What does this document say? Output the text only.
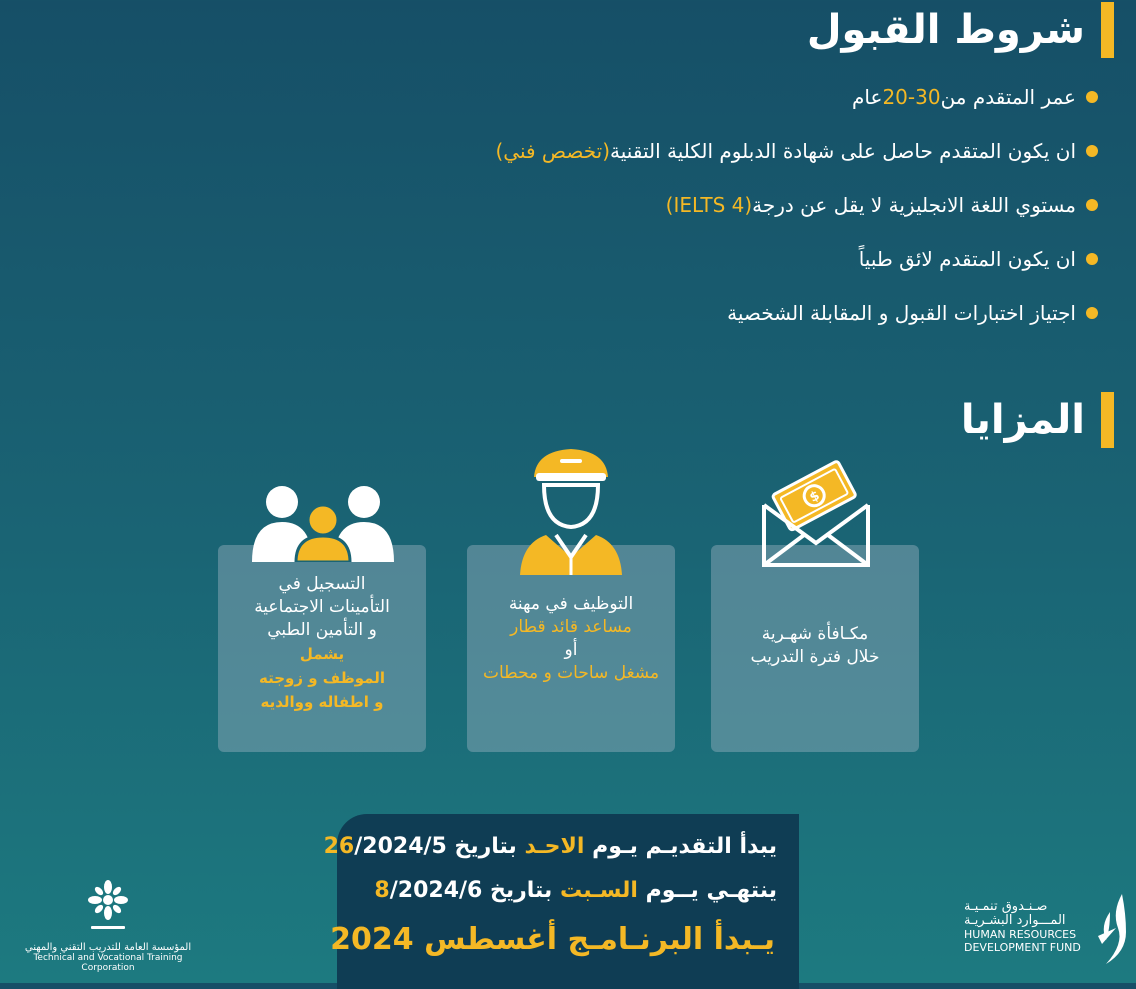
شروط القبول
عمر المتقدم من
20-30
عام
ان يكون المتقدم حاصل على شهادة الدبلوم الكلية التقنية
(تخصص فني)
مستوي اللغة الانجليزية لا يقل عن درجة
(IELTS 4)
ان يكون المتقدم لائق طبياً
اجتياز اختبارات القبول و المقابلة الشخصية
المزايا
مكـافأة شهـرية
خلال فترة التدريب
التوظيف في مهنة
مساعد قائد قطار
أو
مشغل ساحات و محطات
التسجيل في
التأمينات الاجتماعية
و التأمين الطبي
يشمل
الموظف و زوجته
و اطفاله ووالديه
$
يبدأ التقديـم يـوم الاحـد بتاريخ 26/2024/5
ينتهـي يــوم السـبت بتاريخ 8/2024/6
يـبدأ البرنـامـج أغسطس 2024
المؤسسة العامة للتدريب التقني والمهني
Technical and Vocational Training Corporation
صـنـدوق تنمـيـة
المـــوارد البشـريـة
HUMAN RESOURCES
DEVELOPMENT FUND
